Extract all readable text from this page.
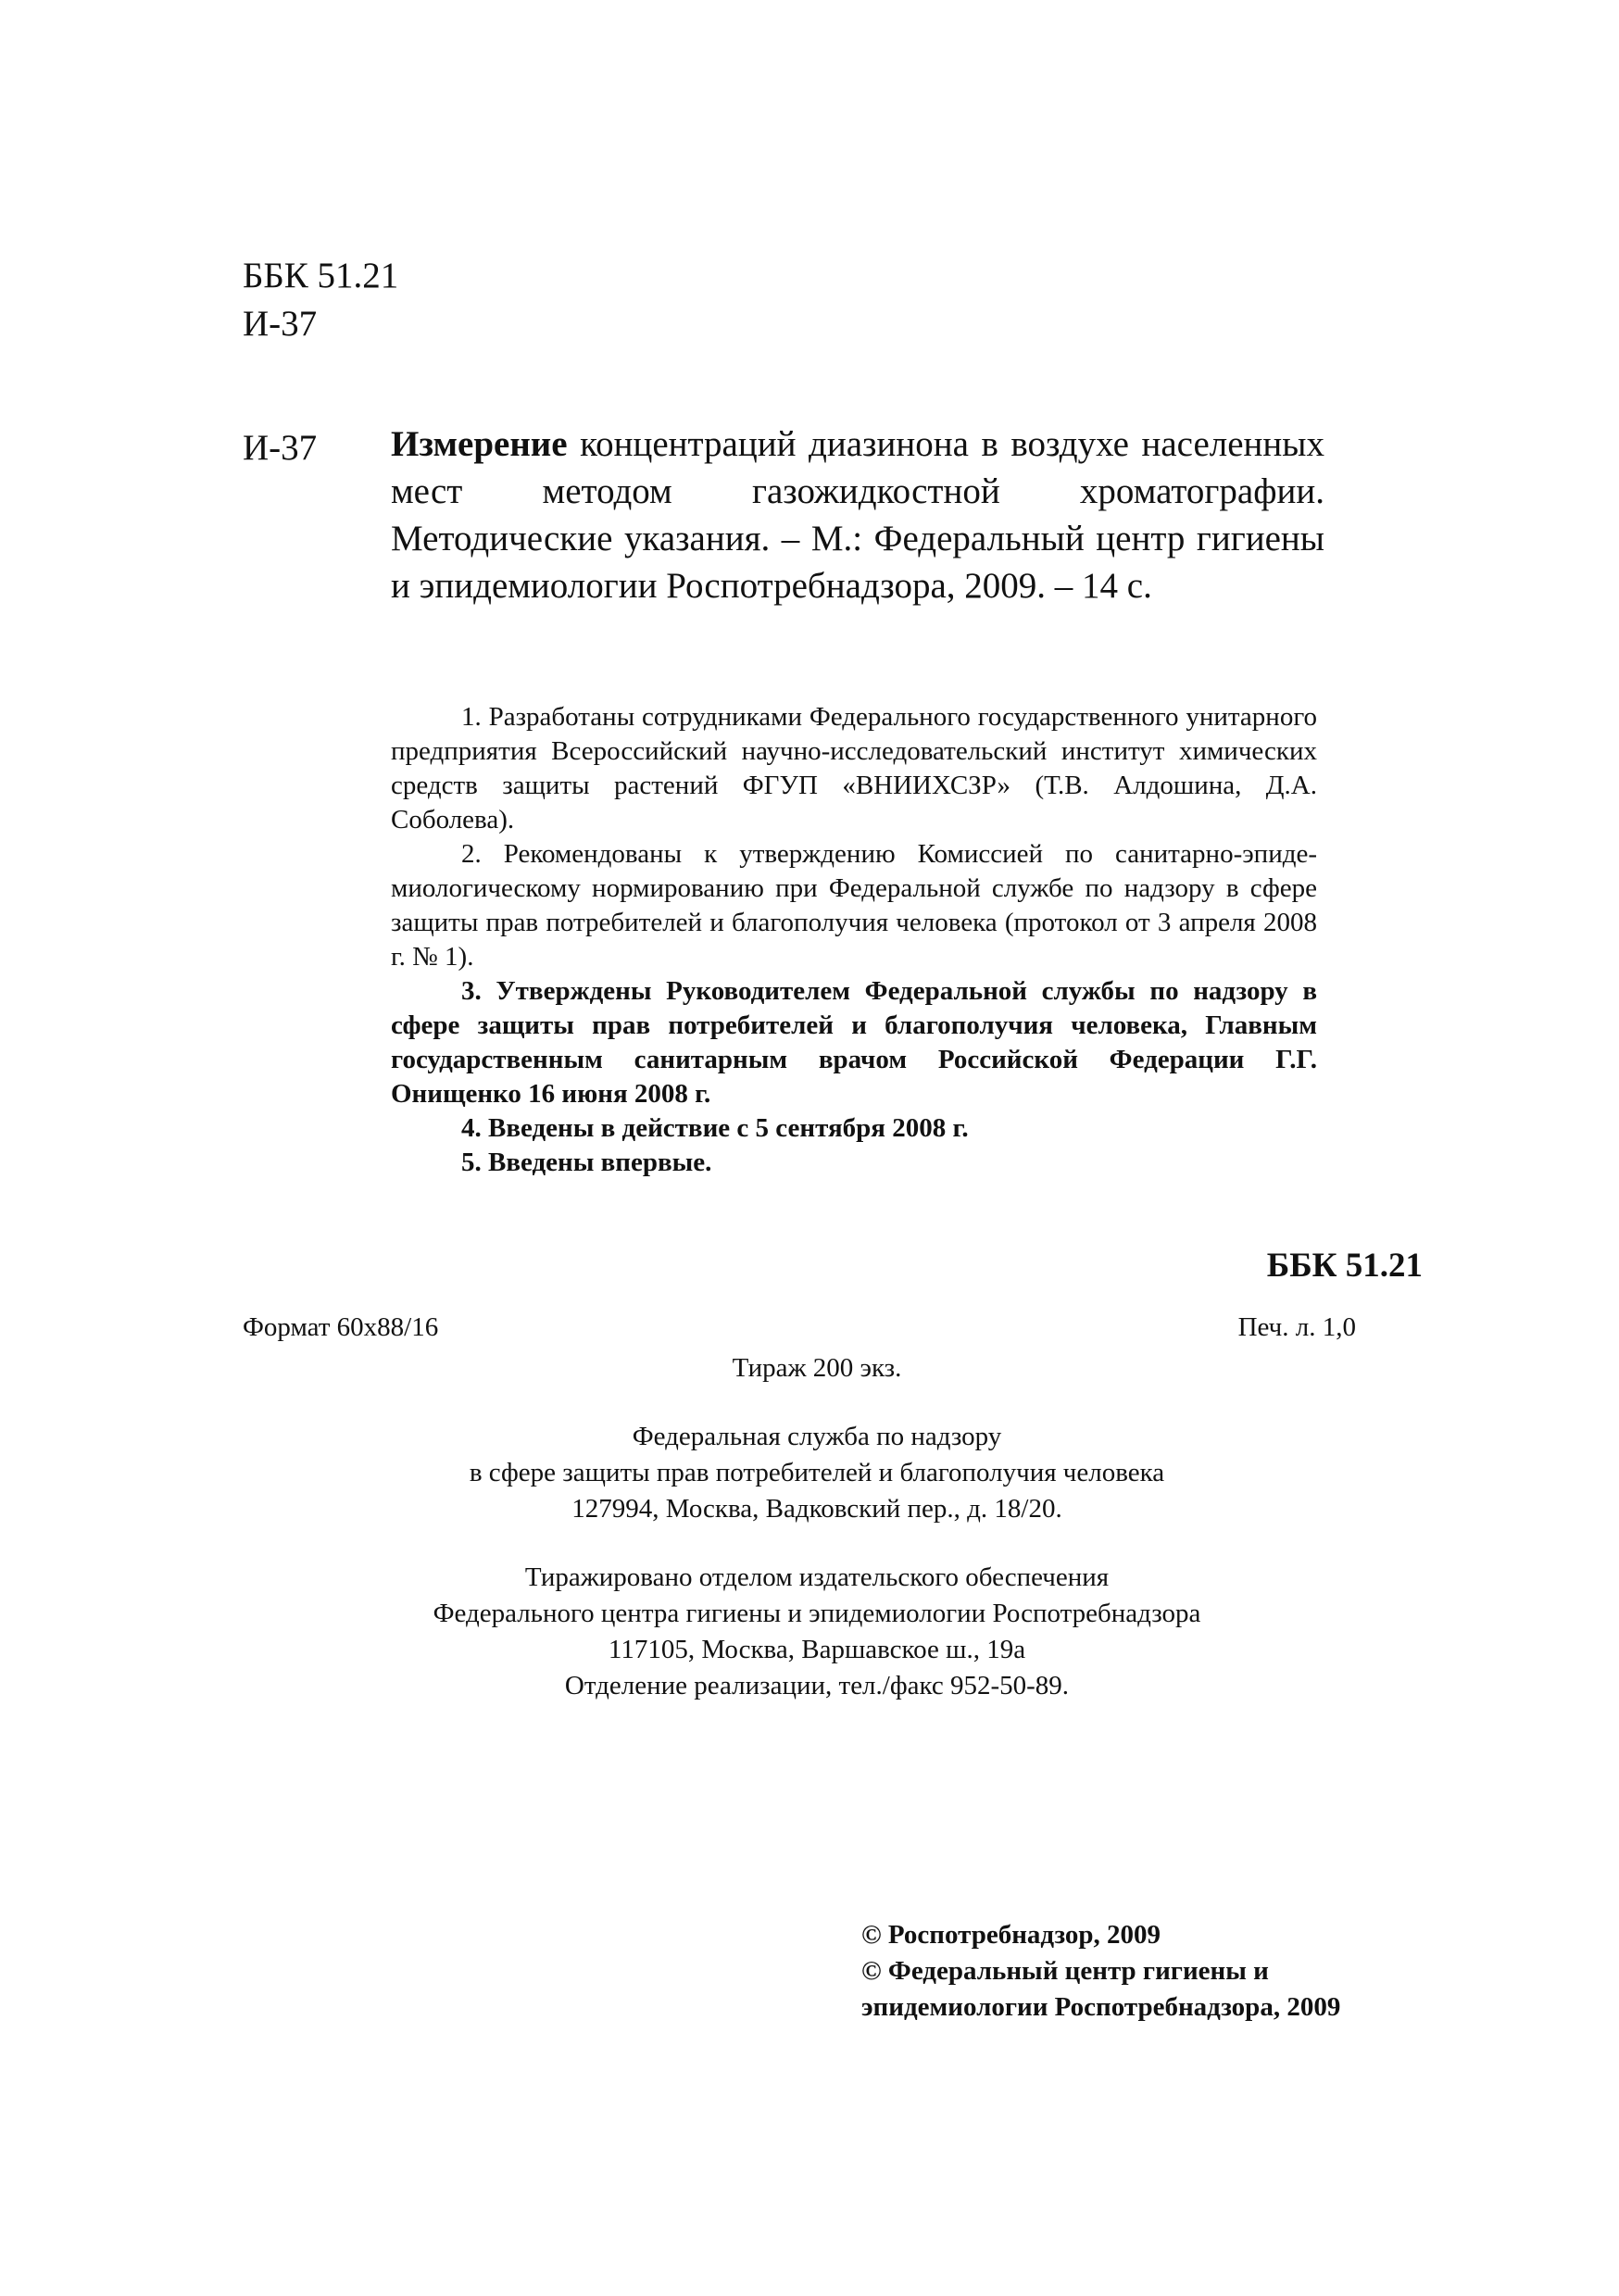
ББК 51.21
И-37
И-37 Измерение концентраций диазинона в воздухе населенных мест методом газожидкостной хроматографии. Методические указания. – М.: Федеральный центр гигиены и эпидемиологии Роспотребнадзора, 2009. – 14 с.

1. Разработаны сотрудниками Федерального государственного унитарного предприятия Всероссийский научно-исследовательский институт химических средств защиты растений ФГУП «ВНИИХСЗР» (Т.В. Алдошина, Д.А. Соболева).

2. Рекомендованы к утверждению Комиссией по санитарно-эпиде-миологическому нормированию при Федеральной службе по надзору в сфере защиты прав потребителей и благополучия человека (протокол от 3 апреля 2008 г. № 1).

3. Утверждены Руководителем Федеральной службы по надзору в сфере защиты прав потребителей и благополучия человека, Главным государственным санитарным врачом Российской Федерации Г.Г. Онищенко 16 июня 2008 г.

4. Введены в действие с 5 сентября 2008 г.

5. Введены впервые.

ББК 51.21
Формат 60x88/16	Печ. л. 1,0
Тираж 200 экз.
Федеральная служба по надзору
в сфере защиты прав потребителей и благополучия человека
127994, Москва, Вадковский пер., д. 18/20.
Тиражировано отделом издательского обеспечения
Федерального центра гигиены и эпидемиологии Роспотребнадзора
117105, Москва, Варшавское ш., 19а
Отделение реализации, тел./факс 952-50-89.
© Роспотребнадзор, 2009
© Федеральный центр гигиены и
эпидемиологии Роспотребнадзора, 2009
